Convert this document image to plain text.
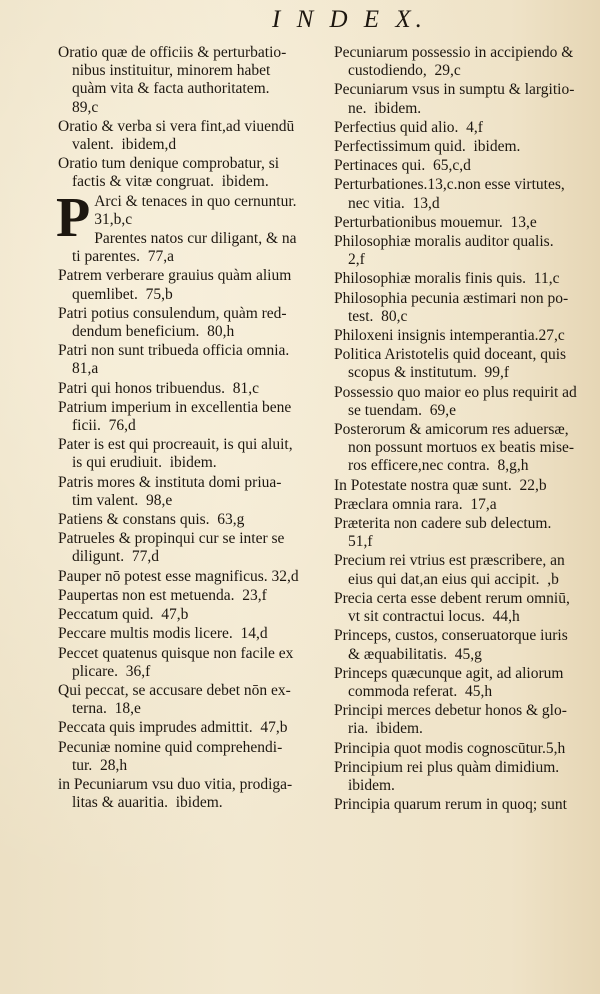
I N D E X.
Oratio quæ de officiis & perturbatio-
nibus instituitur, minorem habet
quàm vita & facta authoritatem.
89,c
Oratio & verba si vera fint,ad viuendū
valent.  ibidem,d
Oratio tum denique comprobatur, si
factis & vitæ congruat.  ibidem.
P Arci & tenaces in quo cernuntur.
31,b,c
Parentes natos cur diligant, & na
ti parentes.  77,a
Patrem verberare grauius quàm alium
quemlibet.  75,b
Patri potius consulendum, quàm red-
dendum beneficium.  80,h
Patri non sunt tribueda officia omnia.
81,a
Patri qui honos tribuendus.  81,c
Patrium imperium in excellentia bene
ficii.  76,d
Pater is est qui procreauit, is qui aluit,
is qui erudiuit.  ibidem.
Patris mores & instituta domi priua-
tim valent.  98,e
Patiens & constans quis.  63,g
Patrueles & propinqui cur se inter se
diligunt.  77,d
Pauper nō potest esse magnificus. 32,d
Paupertas non est metuenda.  23,f
Peccatum quid.  47,b
Peccare multis modis licere.  14,d
Peccet quatenus quisque non facile ex
plicare.  36,f
Qui peccat, se accusare debet nōn ex-
terna.  18,e
Peccata quis imprudes admittit.  47,b
Pecuniæ nomine quid comprehendi-
tur.  28,h
in Pecuniarum vsu duo vitia, prodiga-
litas & auaritia.  ibidem.
Pecuniarum possessio in accipiendo &
custodiendo,  29,c
Pecuniarum vsus in sumptu & largitio-
ne.  ibidem.
Perfectius quid alio.  4,f
Perfectissimum quid.  ibidem.
Pertinaces qui.  65,c,d
Perturbationes.13,c.non esse virtutes,
nec vitia.  13,d
Perturbationibus mouemur.  13,e
Philosophiæ moralis auditor qualis.
2,f
Philosophiæ moralis finis quis.  11,c
Philosophia pecunia æstimari non po-
test.  80,c
Philoxeni insignis intemperantia.27,c
Politica Aristotelis quid doceant, quis
scopus & institutum.  99,f
Possessio quo maior eo plus requirit ad
se tuendam.  69,e
Posterorum & amicorum res aduersæ,
non possunt mortuos ex beatis mise-
ros efficere,nec contra.  8,g,h
In Potestate nostra quæ sunt.  22,b
Præclara omnia rara.  17,a
Præterita non cadere sub delectum.
51,f
Precium rei vtrius est præscribere, an
eius qui dat,an eius qui accipit.  ,b
Precia certa esse debent rerum omniū,
vt sit contractui locus.  44,h
Princeps, custos, conseruatorque iuris
& æquabilitatis.  45,g
Princeps quæcunque agit, ad aliorum
commoda referat.  45,h
Principi merces debetur honos & glo-
ria.  ibidem.
Principia quot modis cognoscūtur.5,h
Principium rei plus quàm dimidium.
ibidem.
Principia quarum rerum in quoq; sunt
